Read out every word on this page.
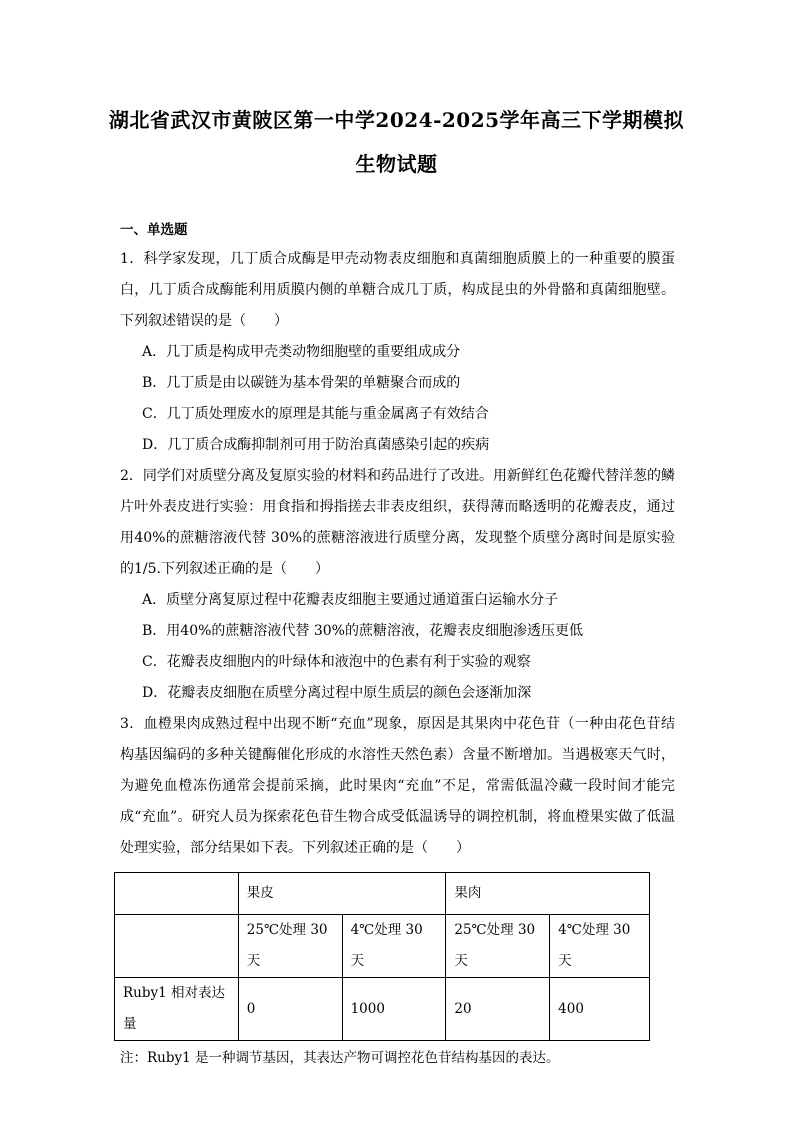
湖北省武汉市黄陂区第一中学2024-2025学年高三下学期模拟
生物试题
一、单选题
1．科学家发现，几丁质合成酶是甲壳动物表皮细胞和真菌细胞质膜上的一种重要的膜蛋白，几丁质合成酶能利用质膜内侧的单糖合成几丁质，构成昆虫的外骨骼和真菌细胞壁。下列叙述错误的是（　　）
A．几丁质是构成甲壳类动物细胞壁的重要组成成分
B．几丁质是由以碳链为基本骨架的单糖聚合而成的
C．几丁质处理废水的原理是其能与重金属离子有效结合
D．几丁质合成酶抑制剂可用于防治真菌感染引起的疾病
2．同学们对质壁分离及复原实验的材料和药品进行了改进。用新鲜红色花瓣代替洋葱的鳞片叶外表皮进行实验：用食指和拇指搓去非表皮组织，获得薄而略透明的花瓣表皮，通过用40%的蔗糖溶液代替 30%的蔗糖溶液进行质壁分离，发现整个质壁分离时间是原实验的1/5.下列叙述正确的是（　　）
A．质壁分离复原过程中花瓣表皮细胞主要通过通道蛋白运输水分子
B．用40%的蔗糖溶液代替 30%的蔗糖溶液，花瓣表皮细胞渗透压更低
C．花瓣表皮细胞内的叶绿体和液泡中的色素有利于实验的观察
D．花瓣表皮细胞在质壁分离过程中原生质层的颜色会逐渐加深
3．血橙果肉成熟过程中出现不断“充血”现象，原因是其果肉中花色苷（一种由花色苷结构基因编码的多种关键酶催化形成的水溶性天然色素）含量不断增加。当遇极寒天气时，为避免血橙冻伤通常会提前采摘，此时果肉“充血”不足，常需低温冷藏一段时间才能完成“充血”。研究人员为探索花色苷生物合成受低温诱导的调控机制，将血橙果实做了低温处理实验，部分结果如下表。下列叙述正确的是（　　）
	果皮		果肉	
	25℃处理 30 天	4℃处理 30 天	25℃处理 30 天	4℃处理 30 天
Ruby1 相对表达量	0	1000	20	400
注：Ruby1 是一种调节基因，其表达产物可调控花色苷结构基因的表达。
